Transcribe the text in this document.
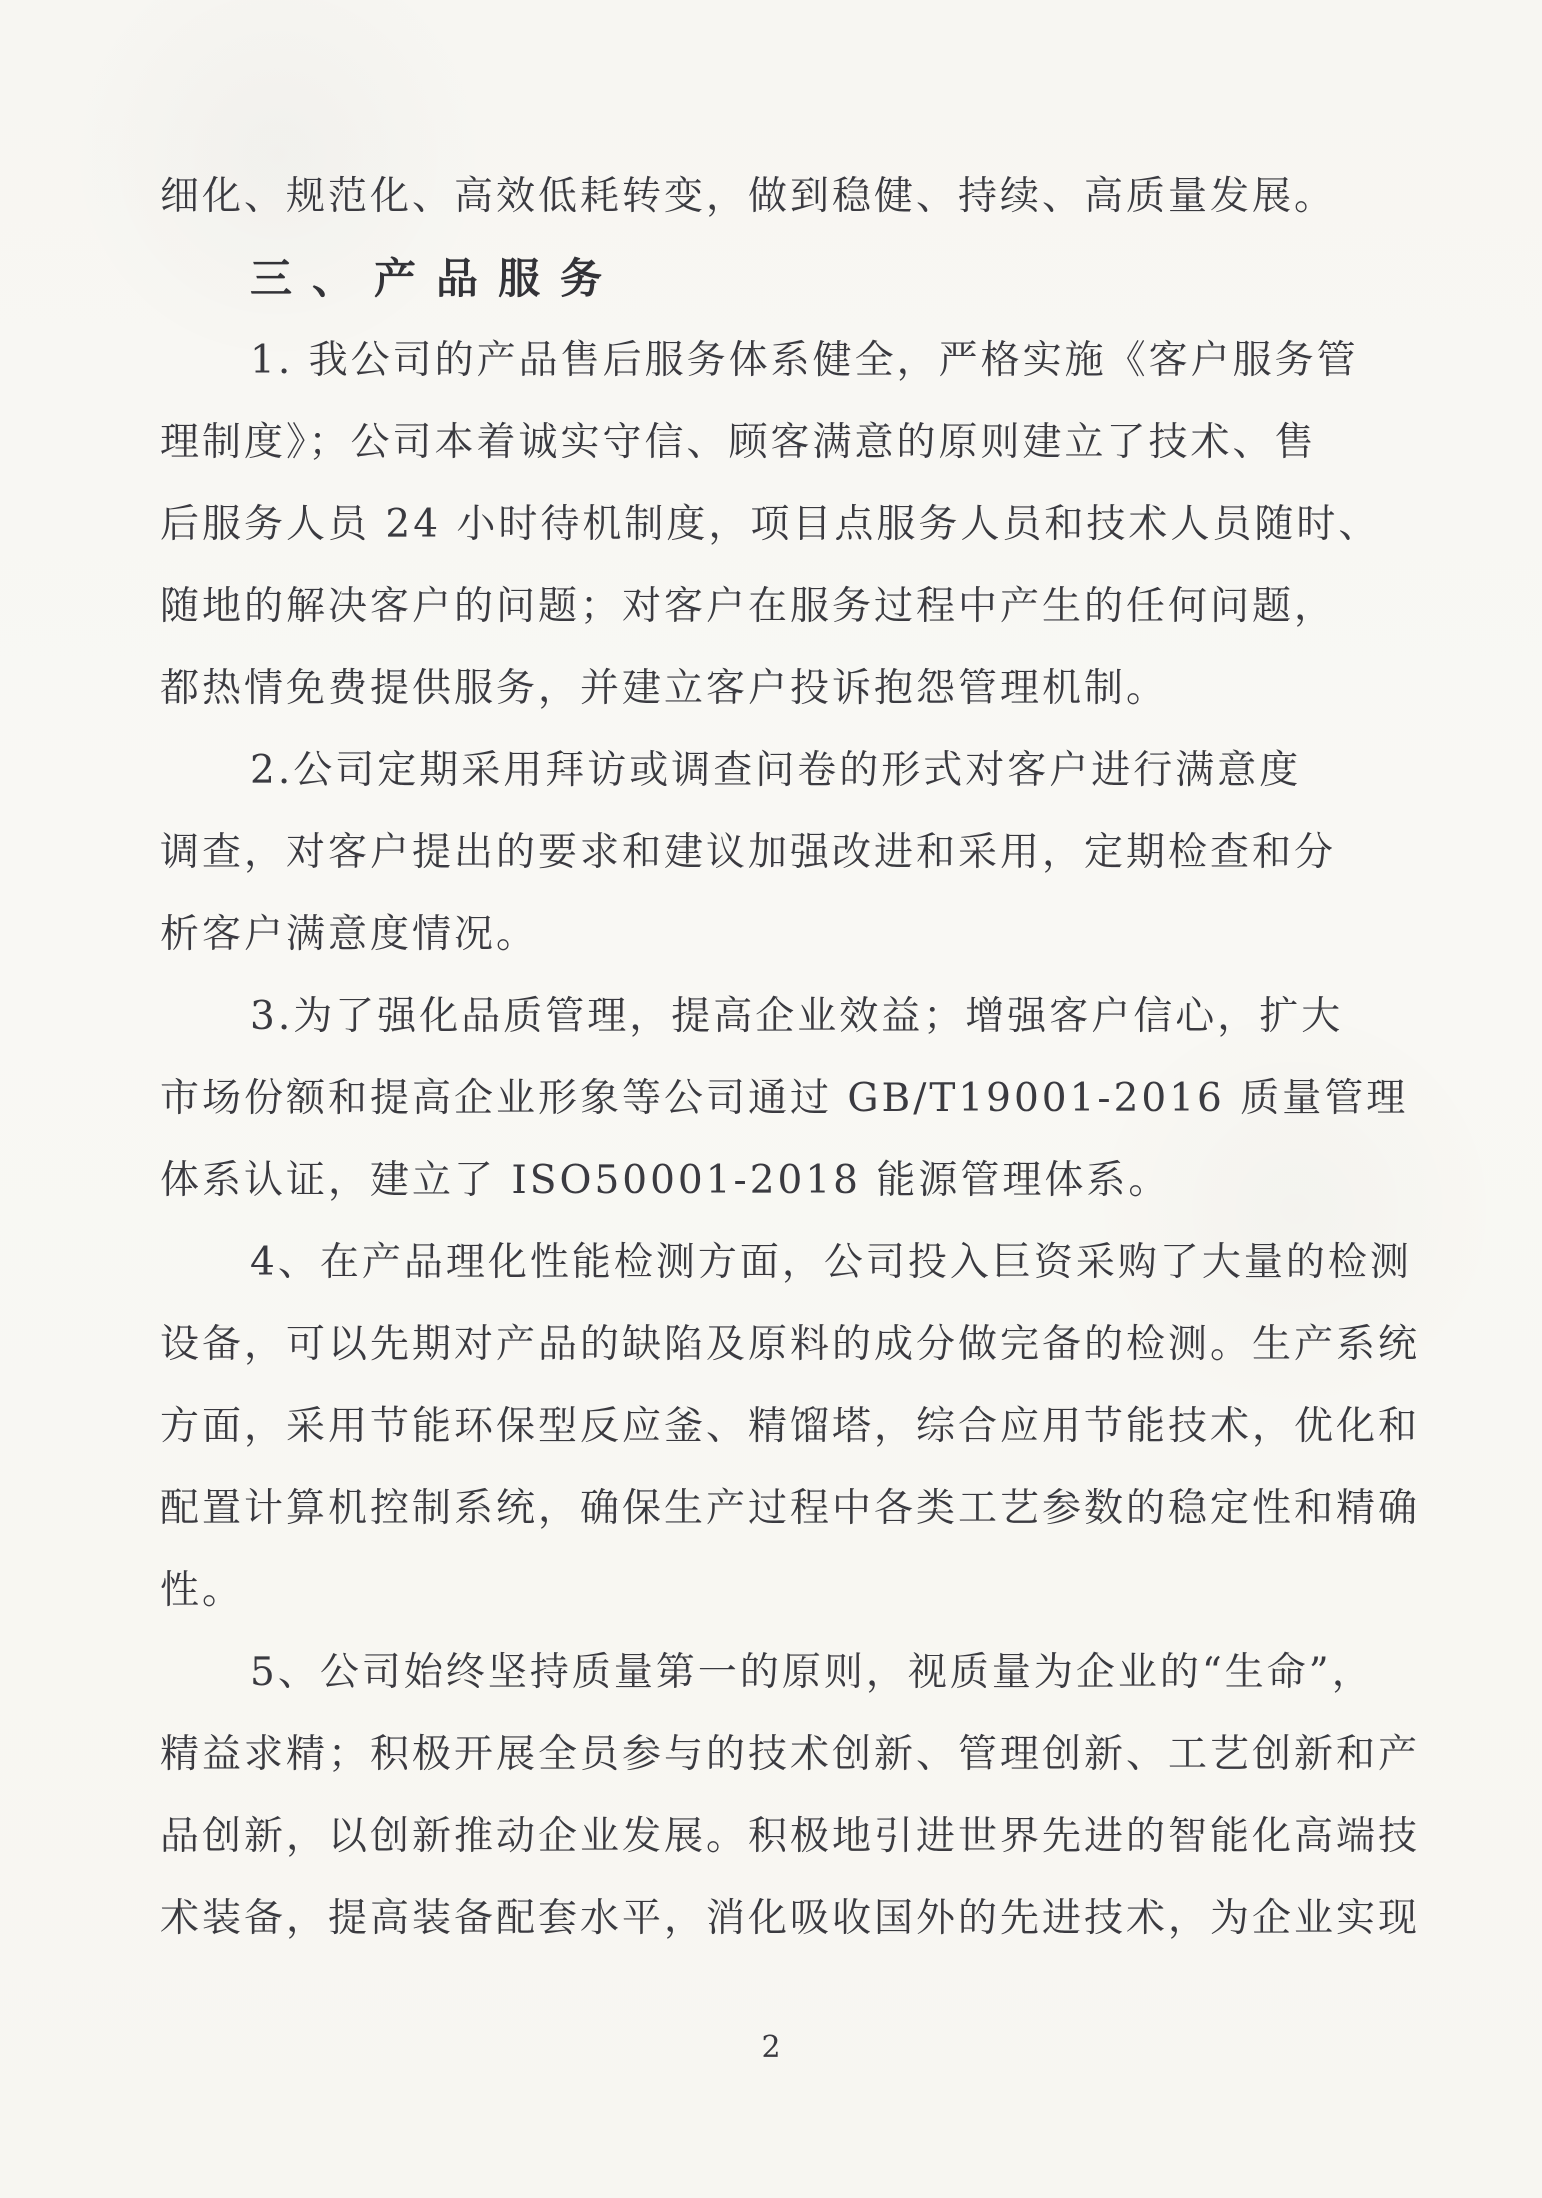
细化、规范化、高效低耗转变，做到稳健、持续、高质量发展。
三、产品服务
1. 我公司的产品售后服务体系健全，严格实施《客户服务管
理制度》；公司本着诚实守信、顾客满意的原则建立了技术、售
后服务人员 24 小时待机制度，项目点服务人员和技术人员随时、
随地的解决客户的问题；对客户在服务过程中产生的任何问题，
都热情免费提供服务，并建立客户投诉抱怨管理机制。
2.公司定期采用拜访或调查问卷的形式对客户进行满意度
调查，对客户提出的要求和建议加强改进和采用，定期检查和分
析客户满意度情况。
3.为了强化品质管理，提高企业效益；增强客户信心，扩大
市场份额和提高企业形象等公司通过 GB/T19001-2016 质量管理
体系认证，建立了 ISO50001-2018 能源管理体系。
4、在产品理化性能检测方面，公司投入巨资采购了大量的检测
设备，可以先期对产品的缺陷及原料的成分做完备的检测。生产系统
方面，采用节能环保型反应釜、精馏塔，综合应用节能技术，优化和
配置计算机控制系统，确保生产过程中各类工艺参数的稳定性和精确
性。
5、公司始终坚持质量第一的原则，视质量为企业的“生命”，
精益求精；积极开展全员参与的技术创新、管理创新、工艺创新和产
品创新，以创新推动企业发展。积极地引进世界先进的智能化高端技
术装备，提高装备配套水平，消化吸收国外的先进技术，为企业实现
2
